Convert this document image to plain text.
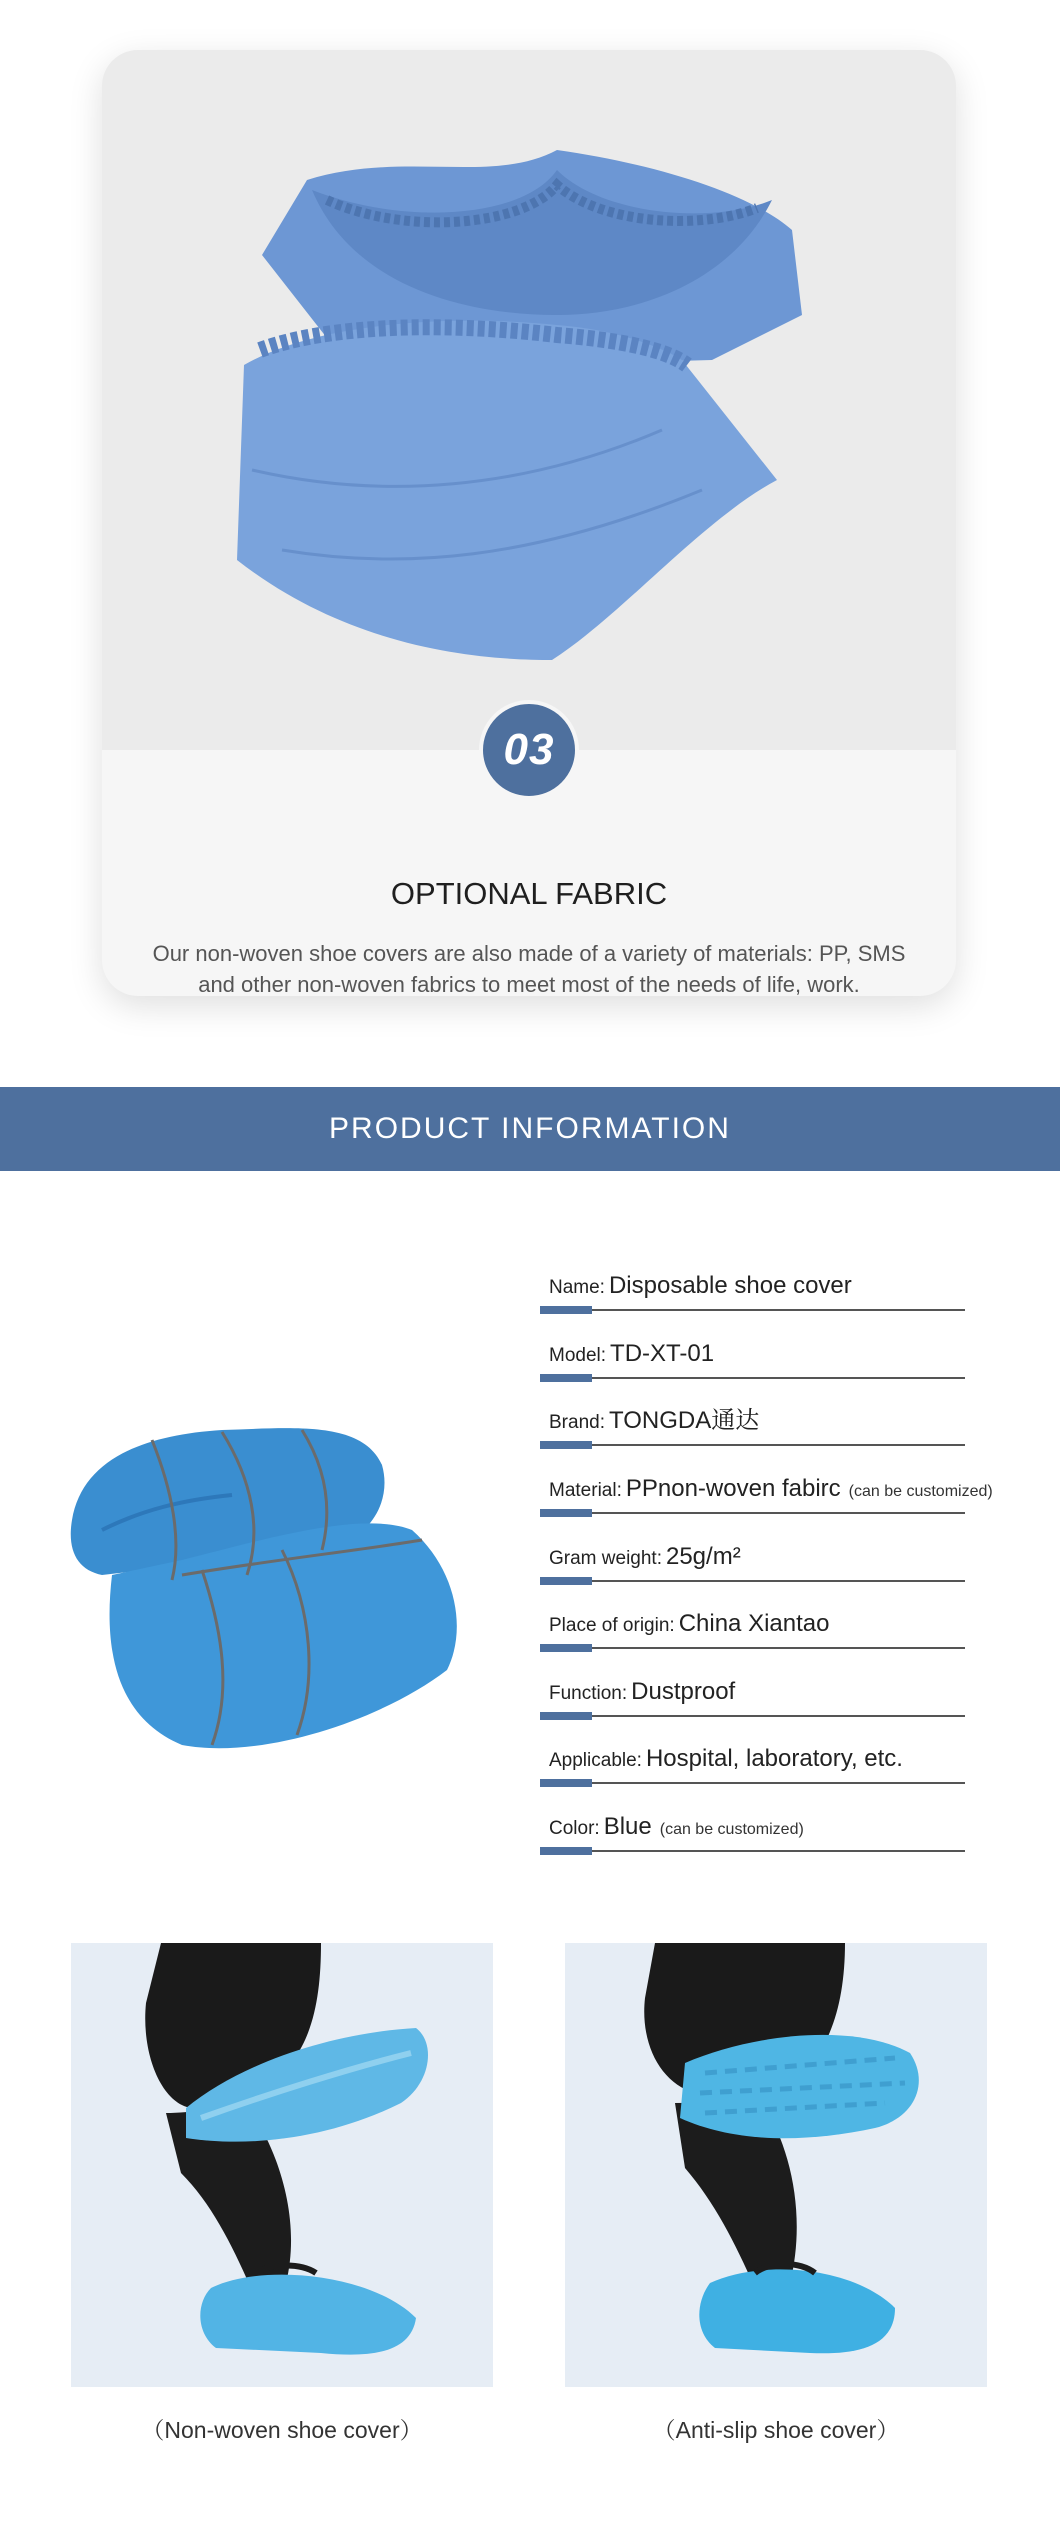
03
OPTIONAL FABRIC
Our non-woven shoe covers are also made of a variety of materials: PP, SMS and other non-woven fabrics to meet most of the needs of life, work.
PRODUCT INFORMATION
Name: Disposable shoe cover
Model: TD-XT-01
Brand: TONGDA通达
Material: PPnon-woven fabirc (can be customized)
Gram weight: 25g/m²
Place of origin: China Xiantao
Function: Dustproof
Applicable: Hospital, laboratory, etc.
Color: Blue (can be customized)
（Non-woven shoe cover）	（Anti-slip shoe cover）
